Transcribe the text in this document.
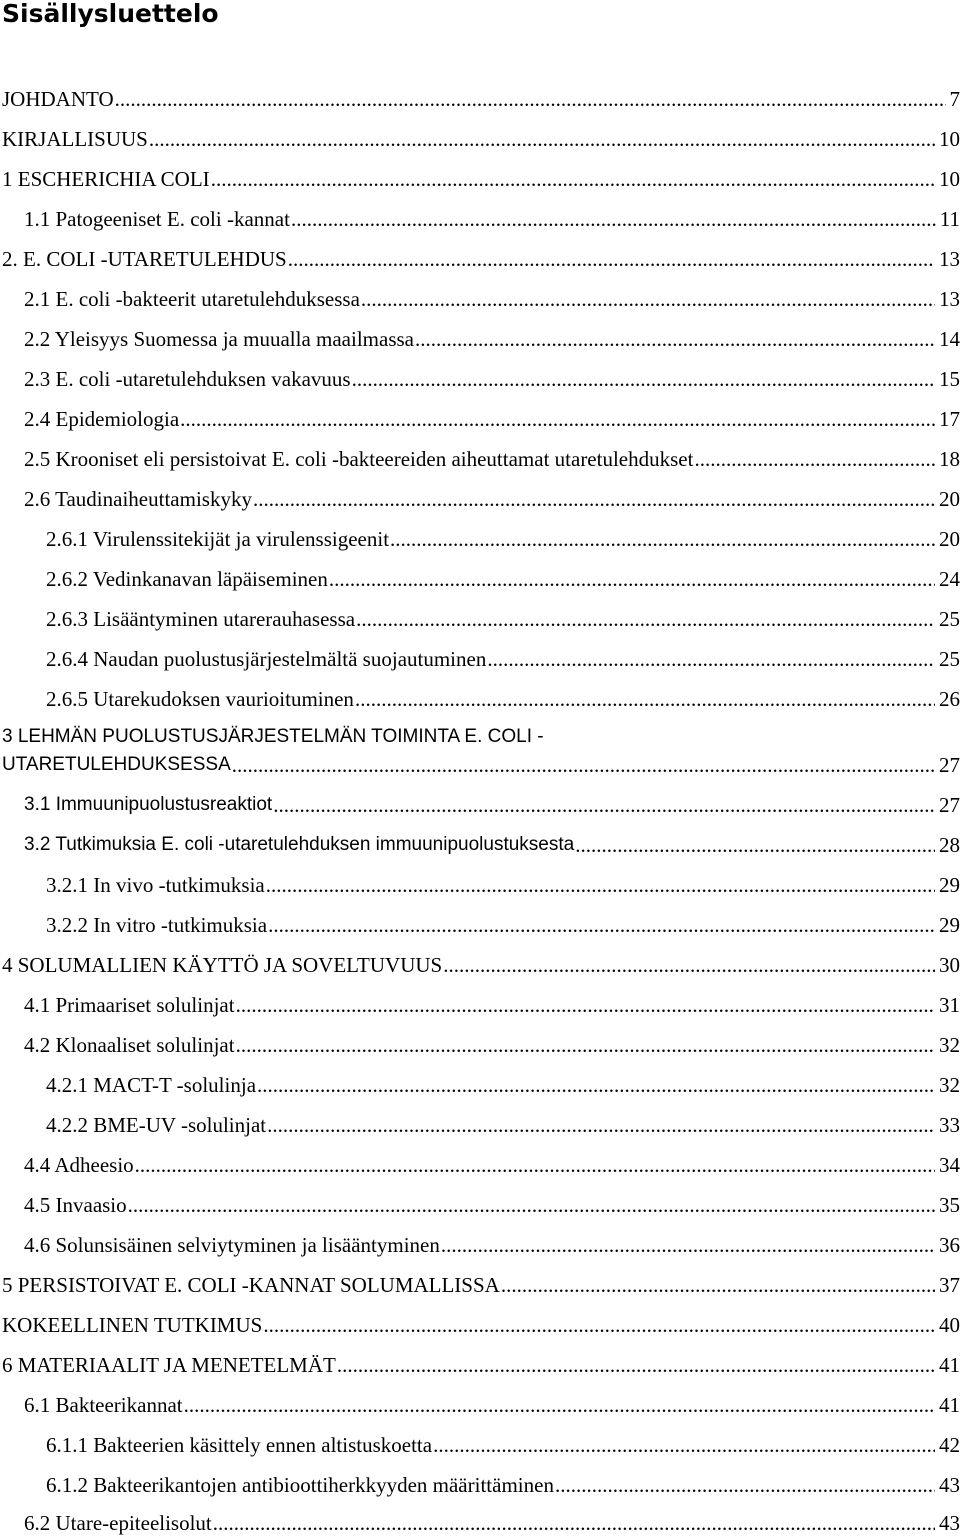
Sisällysluettelo
JOHDANTO .....	7
KIRJALLISUUS .....	10
1 ESCHERICHIA COLI .....	10
1.1 Patogeeniset E. coli -kannat .....	11
2. E. COLI -UTARETULEHDUS .....	13
2.1 E. coli -bakteerit utaretulehduksessa .....	13
2.2 Yleisyys Suomessa ja muualla maailmassa .....	14
2.3 E. coli -utaretulehduksen vakavuus .....	15
2.4 Epidemiologia .....	17
2.5 Krooniset eli persistoivat E. coli -bakteereiden aiheuttamat utaretulehdukset .....	18
2.6 Taudinaiheuttamiskyky .....	20
2.6.1 Virulenssitekijät ja virulenssigeenit .....	20
2.6.2 Vedinkanavan läpäiseminen .....	24
2.6.3 Lisääntyminen utarerauhasessa .....	25
2.6.4 Naudan puolustusjärjestelmältä suojautuminen .....	25
2.6.5 Utarekudoksen vaurioituminen .....	26
3 LEHMÄN PUOLUSTUSJÄRJESTELMÄN TOIMINTA E. COLI -
UTARETULEHDUKSESSA .....	27
3.1 Immuunipuolustusreaktiot .....	27
3.2 Tutkimuksia E. coli -utaretulehduksen immuunipuolustuksesta .....	28
3.2.1 In vivo -tutkimuksia .....	29
3.2.2 In vitro -tutkimuksia .....	29
4 SOLUMALLIEN KÄYTTÖ JA SOVELTUVUUS .....	30
4.1 Primaariset solulinjat .....	31
4.2 Klonaaliset solulinjat .....	32
4.2.1 MACT-T -solulinja .....	32
4.2.2 BME-UV -solulinjat .....	33
4.4 Adheesio .....	34
4.5 Invaasio .....	35
4.6 Solunsisäinen selviytyminen ja lisääntyminen .....	36
5 PERSISTOIVAT E. COLI -KANNAT SOLUMALLISSA .....	37
KOKEELLINEN TUTKIMUS .....	40
6 MATERIAALIT JA MENETELMÄT .....	41
6.1 Bakteerikannat .....	41
6.1.1 Bakteerien käsittely ennen altistuskoetta .....	42
6.1.2 Bakteerikantojen antibioottiherkkyyden määrittäminen .....	43
6.2 Utare-epiteelisolut .....	43
